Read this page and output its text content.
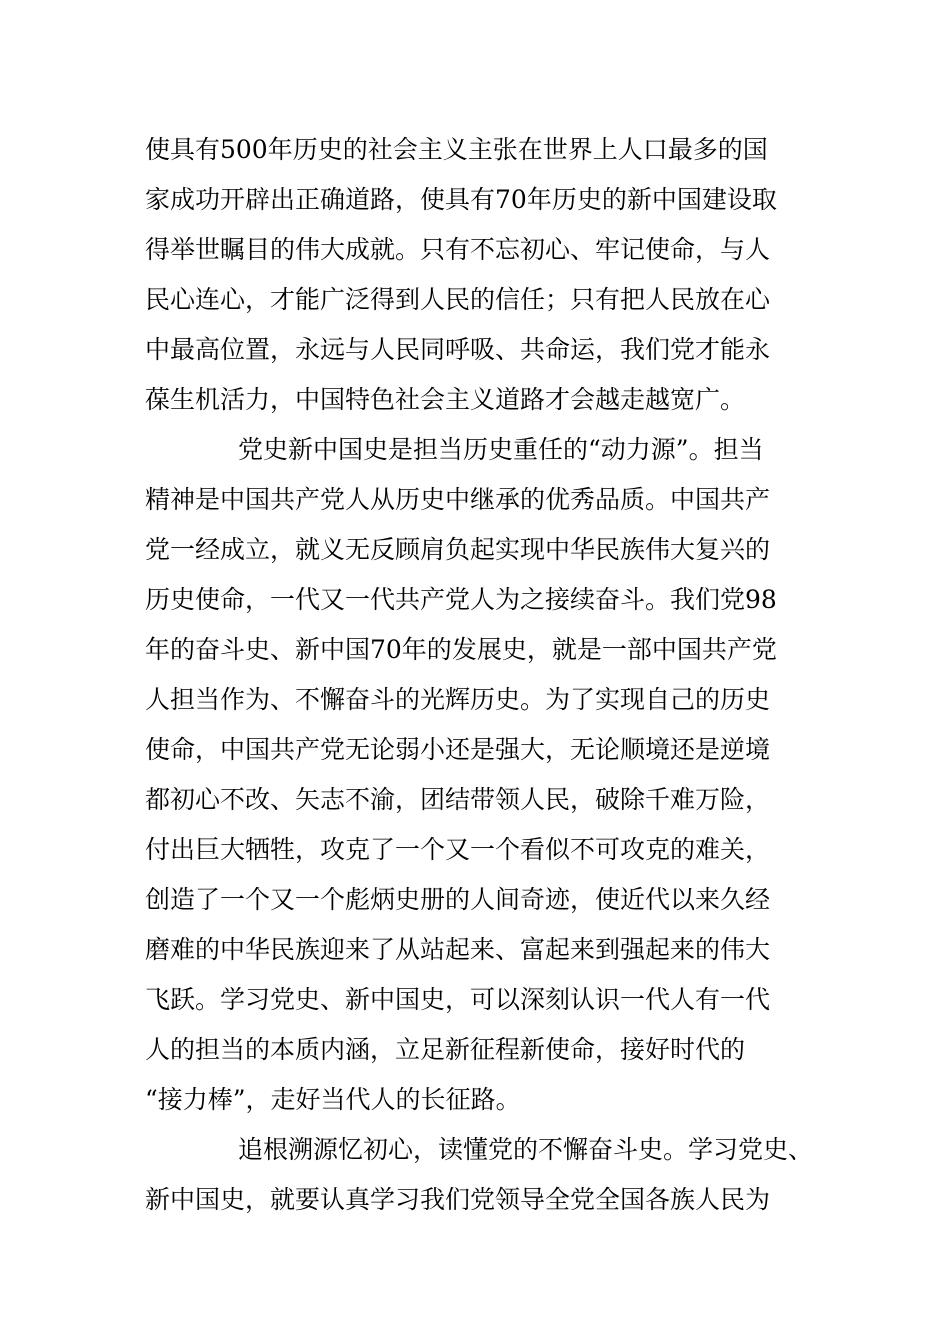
使具有500年历史的社会主义主张在世界上人口最多的国
家成功开辟出正确道路，使具有70年历史的新中国建设取
得举世瞩目的伟大成就。只有不忘初心、牢记使命，与人
民心连心，才能广泛得到人民的信任；只有把人民放在心
中最高位置，永远与人民同呼吸、共命运，我们党才能永
葆生机活力，中国特色社会主义道路才会越走越宽广。
党史新中国史是担当历史重任的“动力源”。担当
精神是中国共产党人从历史中继承的优秀品质。中国共产
党一经成立，就义无反顾肩负起实现中华民族伟大复兴的
历史使命，一代又一代共产党人为之接续奋斗。我们党98
年的奋斗史、新中国70年的发展史，就是一部中国共产党
人担当作为、不懈奋斗的光辉历史。为了实现自己的历史
使命，中国共产党无论弱小还是强大，无论顺境还是逆境
都初心不改、矢志不渝，团结带领人民，破除千难万险，
付出巨大牺牲，攻克了一个又一个看似不可攻克的难关，
创造了一个又一个彪炳史册的人间奇迹，使近代以来久经
磨难的中华民族迎来了从站起来、富起来到强起来的伟大
飞跃。学习党史、新中国史，可以深刻认识一代人有一代
人的担当的本质内涵，立足新征程新使命，接好时代的
“接力棒”，走好当代人的长征路。
追根溯源忆初心，读懂党的不懈奋斗史。学习党史、
新中国史，就要认真学习我们党领导全党全国各族人民为
